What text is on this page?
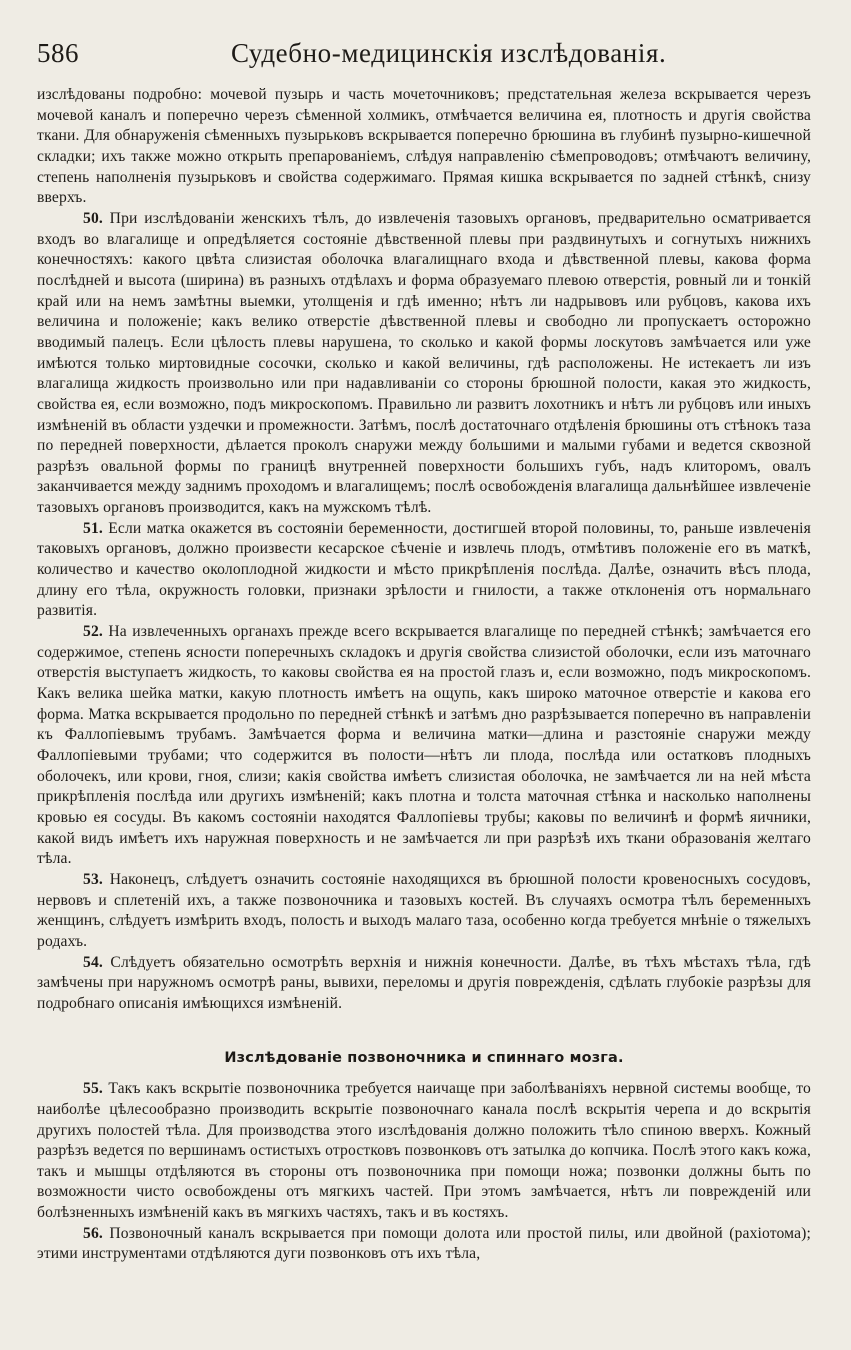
586	Судебно-медицинскія изслѣдованія.

изслѣдованы подробно: мочевой пузырь и часть мочеточниковъ; предстательная железа вскрывается черезъ мочевой каналъ и поперечно черезъ сѣменной холмикъ, отмѣчается величина ея, плотность и другія свойства ткани. Для обнаруженія сѣменныхъ пузырьковъ вскрывается поперечно брюшина въ глубинѣ пузырно-кишечной складки; ихъ также можно открыть препарованіемъ, слѣдуя направленію сѣмепроводовъ; отмѣчаютъ величину, степень наполненія пузырьковъ и свойства содержимаго. Прямая кишка вскрывается по задней стѣнкѣ, снизу вверхъ.

50. При изслѣдованіи женскихъ тѣлъ, до извлеченія тазовыхъ органовъ, предварительно осматривается входъ во влагалище и опредѣляется состояніе дѣвственной плевы при раздвинутыхъ и согнутыхъ нижнихъ конечностяхъ: какого цвѣта слизистая оболочка влагалищнаго входа и дѣвственной плевы, какова форма послѣдней и высота (ширина) въ разныхъ отдѣлахъ и форма образуемаго плевою отверстія, ровный ли и тонкій край или на немъ замѣтны выемки, утолщенія и гдѣ именно; нѣтъ ли надрывовъ или рубцовъ, какова ихъ величина и положеніе; какъ велико отверстіе дѣвственной плевы и свободно ли пропускаетъ осторожно вводимый палецъ. Если цѣлость плевы нарушена, то сколько и какой формы лоскутовъ замѣчается или уже имѣются только миртовидные сосочки, сколько и какой величины, гдѣ расположены. Не истекаетъ ли изъ влагалища жидкость произвольно или при надавливаніи со стороны брюшной полости, какая это жидкость, свойства ея, если возможно, подъ микроскопомъ. Правильно ли развитъ лохотникъ и нѣтъ ли рубцовъ или иныхъ измѣненій въ области уздечки и промежности. Затѣмъ, послѣ достаточнаго отдѣленія брюшины отъ стѣнокъ таза по передней поверхности, дѣлается проколъ снаружи между большими и малыми губами и ведется сквозной разрѣзъ овальной формы по границѣ внутренней поверхности большихъ губъ, надъ клиторомъ, овалъ заканчивается между заднимъ проходомъ и влагалищемъ; послѣ освобожденія влагалища дальнѣйшее извлеченіе тазовыхъ органовъ производится, какъ на мужскомъ тѣлѣ.

51. Если матка окажется въ состояніи беременности, достигшей второй половины, то, раньше извлеченія таковыхъ органовъ, должно произвести кесарское сѣченіе и извлечь плодъ, отмѣтивъ положеніе его въ маткѣ, количество и качество околоплодной жидкости и мѣсто прикрѣпленія послѣда. Далѣе, означить вѣсъ плода, длину его тѣла, окружность головки, признаки зрѣлости и гнилости, а также отклоненія отъ нормальнаго развитія.

52. На извлеченныхъ органахъ прежде всего вскрывается влагалище по передней стѣнкѣ; замѣчается его содержимое, степень ясности поперечныхъ складокъ и другія свойства слизистой оболочки, если изъ маточнаго отверстія выступаетъ жидкость, то каковы свойства ея на простой глазъ и, если возможно, подъ микроскопомъ. Какъ велика шейка матки, какую плотность имѣетъ на ощупь, какъ широко маточное отверстіе и какова его форма. Матка вскрывается продольно по передней стѣнкѣ и затѣмъ дно разрѣзывается поперечно въ направленіи къ Фаллопіевымъ трубамъ. Замѣчается форма и величина матки—длина и разстояніе снаружи между Фаллопіевыми трубами; что содержится въ полости—нѣтъ ли плода, послѣда или остатковъ плодныхъ оболочекъ, или крови, гноя, слизи; какія свойства имѣетъ слизистая оболочка, не замѣчается ли на ней мѣста прикрѣпленія послѣда или другихъ измѣненій; какъ плотна и толста маточная стѣнка и насколько наполнены кровью ея сосуды. Въ какомъ состояніи находятся Фаллопіевы трубы; каковы по величинѣ и формѣ яичники, какой видъ имѣетъ ихъ наружная поверхность и не замѣчается ли при разрѣзѣ ихъ ткани образованія желтаго тѣла.

53. Наконецъ, слѣдуетъ означить состояніе находящихся въ брюшной полости кровеносныхъ сосудовъ, нервовъ и сплетеній ихъ, а также позвоночника и тазовыхъ костей. Въ случаяхъ осмотра тѣлъ беременныхъ женщинъ, слѣдуетъ измѣрить входъ, полость и выходъ малаго таза, особенно когда требуется мнѣніе о тяжелыхъ родахъ.

54. Слѣдуетъ обязательно осмотрѣть верхнія и нижнія конечности. Далѣе, въ тѣхъ мѣстахъ тѣла, гдѣ замѣчены при наружномъ осмотрѣ раны, вывихи, переломы и другія поврежденія, сдѣлать глубокіе разрѣзы для подробнаго описанія имѣющихся измѣненій.

Изслѣдованіе позвоночника и спиннаго мозга.

55. Такъ какъ вскрытіе позвоночника требуется наичаще при заболѣваніяхъ нервной системы вообще, то наиболѣе цѣлесообразно производить вскрытіе позвоночнаго канала послѣ вскрытія черепа и до вскрытія другихъ полостей тѣла. Для производства этого изслѣдованія должно положить тѣло спиною вверхъ. Кожный разрѣзъ ведется по вершинамъ остистыхъ отростковъ позвонковъ отъ затылка до копчика. Послѣ этого какъ кожа, такъ и мышцы отдѣляются въ стороны отъ позвоночника при помощи ножа; позвонки должны быть по возможности чисто освобождены отъ мягкихъ частей. При этомъ замѣчается, нѣтъ ли поврежденій или болѣзненныхъ измѣненій какъ въ мягкихъ частяхъ, такъ и въ костяхъ.

56. Позвоночный каналъ вскрывается при помощи долота или простой пилы, или двойной (рахіотома); этими инструментами отдѣляются дуги позвонковъ отъ ихъ тѣла,
